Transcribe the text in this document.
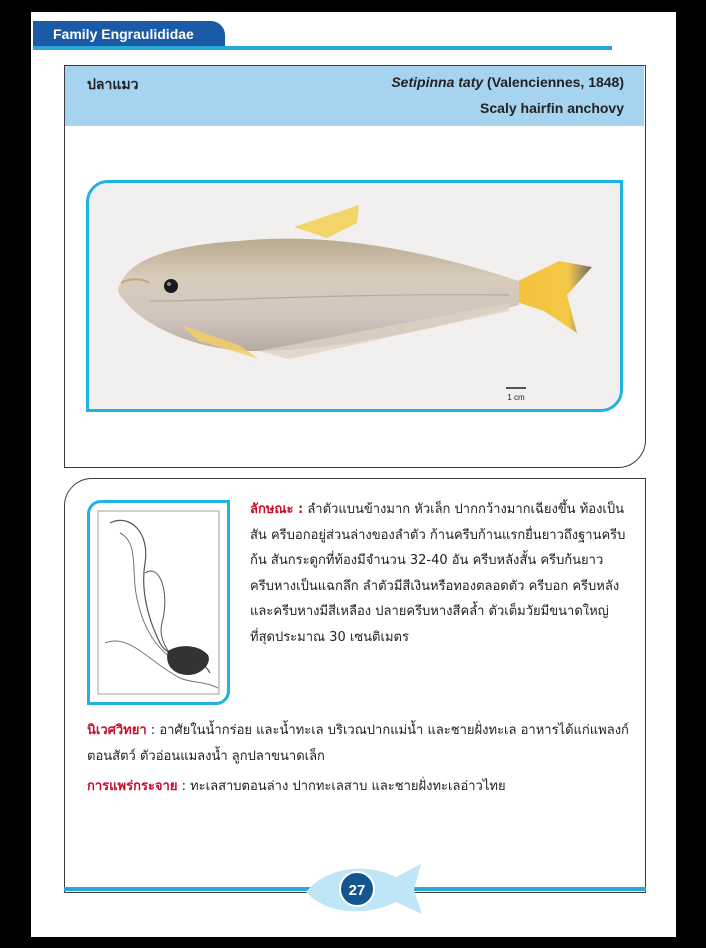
Family Engraulididae
ปลาแมว	Setipinna taty (Valenciennes, 1848)
Scaly hairfin anchovy
1 cm
ลักษณะ : ลำตัวแบนข้างมาก หัวเล็ก ปากกว้างมากเฉียงขึ้น ท้องเป็นสัน ครีบอกอยู่ส่วนล่างของลำตัว ก้านครีบก้านแรกยื่นยาวถึงฐานครีบก้น สันกระดูกที่ท้องมีจำนวน 32-40 อัน ครีบหลังสั้น ครีบก้นยาว ครีบหางเป็นแฉกลึก ลำตัวมีสีเงินหรือทองตลอดตัว ครีบอก ครีบหลังและครีบหางมีสีเหลือง ปลายครีบหางสีคล้ำ ตัวเต็มวัยมีขนาดใหญ่ที่สุดประมาณ 30 เซนติเมตร
นิเวศวิทยา : อาศัยในน้ำกร่อย และน้ำทะเล บริเวณปากแม่น้ำ และชายฝั่งทะเล อาหารได้แก่แพลงก์ตอนสัตว์ ตัวอ่อนแมลงน้ำ ลูกปลาขนาดเล็ก
การแพร่กระจาย : ทะเลสาบตอนล่าง ปากทะเลสาบ และชายฝั่งทะเลอ่าวไทย
27
